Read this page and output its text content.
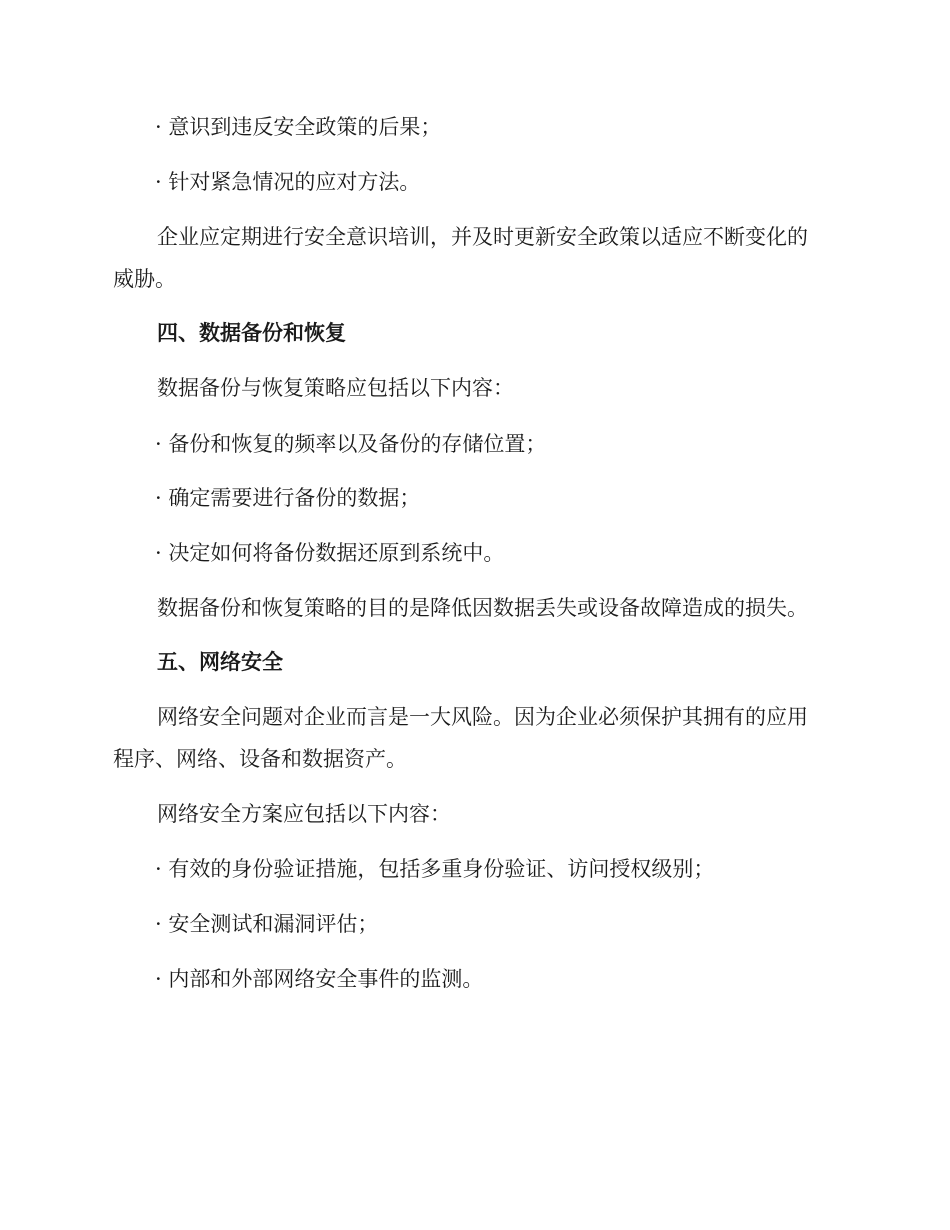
· 意识到违反安全政策的后果；
· 针对紧急情况的应对方法。
企业应定期进行安全意识培训，并及时更新安全政策以适应不断变化的
威胁。
四、数据备份和恢复
数据备份与恢复策略应包括以下内容：
· 备份和恢复的频率以及备份的存储位置；
· 确定需要进行备份的数据；
· 决定如何将备份数据还原到系统中。
数据备份和恢复策略的目的是降低因数据丢失或设备故障造成的损失。
五、网络安全
网络安全问题对企业而言是一大风险。因为企业必须保护其拥有的应用
程序、网络、设备和数据资产。
网络安全方案应包括以下内容：
· 有效的身份验证措施，包括多重身份验证、访问授权级别；
· 安全测试和漏洞评估；
· 内部和外部网络安全事件的监测。
